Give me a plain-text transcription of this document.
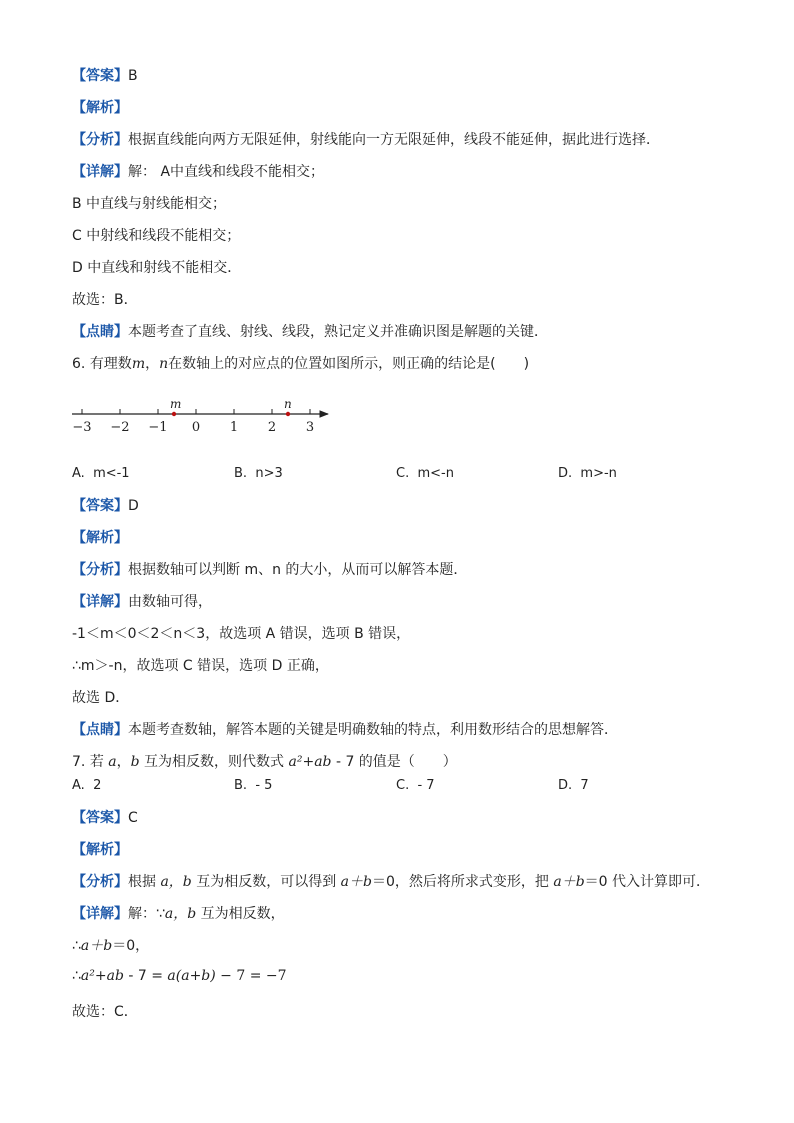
【答案】B
【解析】
【分析】根据直线能向两方无限延伸，射线能向一方无限延伸，线段不能延伸，据此进行选择．
【详解】解： A中直线和线段不能相交；
B 中直线与射线能相交；
C 中射线和线段不能相交；
D 中直线和射线不能相交．
故选：B．
【点睛】本题考查了直线、射线、线段，熟记定义并准确识图是解题的关键．
6. 有理数m，n在数轴上的对应点的位置如图所示，则正确的结论是(　　)
−3 −2 −1 0 1 2 3
m	n
A. m<-1	B. n>3	C. m<-n	D. m>-n
【答案】D
【解析】
【分析】根据数轴可以判断 m、n 的大小，从而可以解答本题．
【详解】由数轴可得，
-1＜m＜0＜2＜n＜3，故选项 A 错误，选项 B 错误，
∴m＞-n，故选项 C 错误，选项 D 正确，
故选 D．
【点睛】本题考查数轴，解答本题的关键是明确数轴的特点，利用数形结合的思想解答．
7. 若 a，b 互为相反数，则代数式 a²+ab - 7 的值是（　　）
A. 2	B. - 5	C. - 7	D. 7
【答案】C
【解析】
【分析】根据 a，b 互为相反数，可以得到 a＋b＝0，然后将所求式变形，把 a＋b＝0 代入计算即可．
【详解】解：∵a，b 互为相反数，
∴a＋b＝0，
∴a²+ab - 7 = a(a+b) − 7 = −7
故选：C．
